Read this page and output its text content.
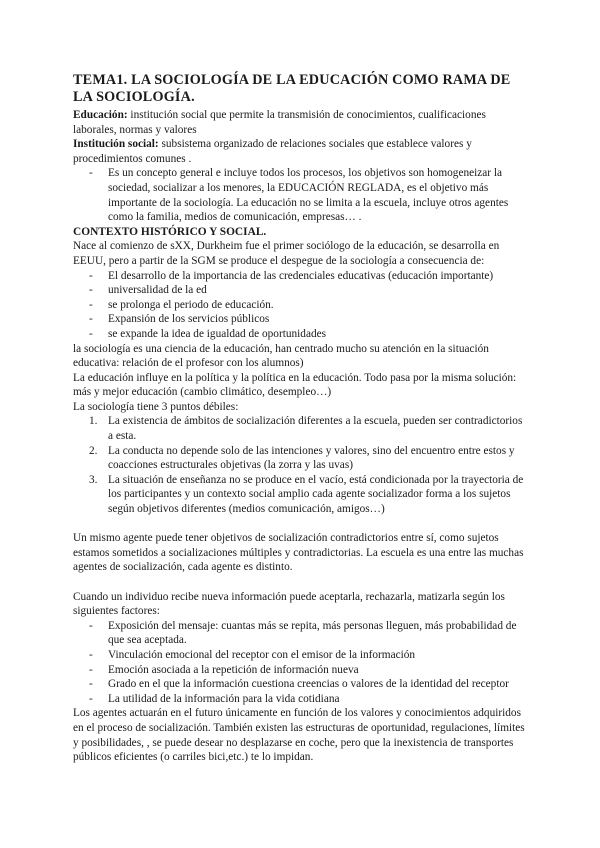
TEMA1. LA SOCIOLOGÍA DE LA EDUCACIÓN COMO RAMA DE LA SOCIOLOGÍA.

Educación: institución social que permite la transmisión de conocimientos, cualificaciones laborales, normas y valores

Institución social: subsistema organizado de relaciones sociales que establece valores y procedimientos comunes .

- Es un concepto general e incluye todos los procesos, los objetivos son homogeneizar la sociedad, socializar a los menores, la EDUCACIÓN REGLADA, es el objetivo más importante de la sociología. La educación no se limita a la escuela, incluye otros agentes como la familia, medios de comunicación, empresas… .
CONTEXTO HISTÓRICO Y SOCIAL.

Nace al comienzo de sXX, Durkheim fue el primer sociólogo de la educación, se desarrolla en EEUU, pero a partir de la SGM se produce el despegue de la sociología a consecuencia de:

- El desarrollo de la importancia de las credenciales educativas (educación importante)
- universalidad de la ed
- se prolonga el periodo de educación.
- Expansión de los servicios públicos
- se expande la idea de igualdad de oportunidades

la sociología es una ciencia de la educación, han centrado mucho su atención en la situación educativa: relación de el profesor con los alumnos)

La educación influye en la política y la política en la educación. Todo pasa por la misma solución: más y mejor educación (cambio climático, desempleo…)

La sociología tiene 3 puntos débiles:

1. La existencia de ámbitos de socialización diferentes a la escuela, pueden ser contradictorios a esta.
2. La conducta no depende solo de las intenciones y valores, sino del encuentro entre estos y coacciones estructurales objetivas (la zorra y las uvas)
3. La situación de enseñanza no se produce en el vacío, está condicionada por la trayectoria de los participantes y un contexto social amplio cada agente socializador forma a los sujetos según objetivos diferentes (medios comunicación, amigos…)

Un mismo agente puede tener objetivos de socialización contradictorios entre sí, como sujetos estamos sometidos a socializaciones múltiples y contradictorias. La escuela es una entre las muchas agentes de socialización, cada agente es distinto.

Cuando un individuo recibe nueva información puede aceptarla, rechazarla, matizarla según los siguientes factores:

- Exposición del mensaje: cuantas más se repita, más personas lleguen, más probabilidad de que sea aceptada.
- Vinculación emocional del receptor con el emisor de la información
- Emoción asociada a la repetición de información nueva
- Grado en el que la información cuestiona creencias o valores de la identidad del receptor
- La utilidad de la información para la vida cotidiana

Los agentes actuarán en el futuro únicamente en función de los valores y conocimientos adquiridos en el proceso de socialización. También existen las estructuras de oportunidad, regulaciones, límites y posibilidades, , se puede desear no desplazarse en coche, pero que la inexistencia de transportes públicos eficientes (o carriles bici,etc.) te lo impidan.
